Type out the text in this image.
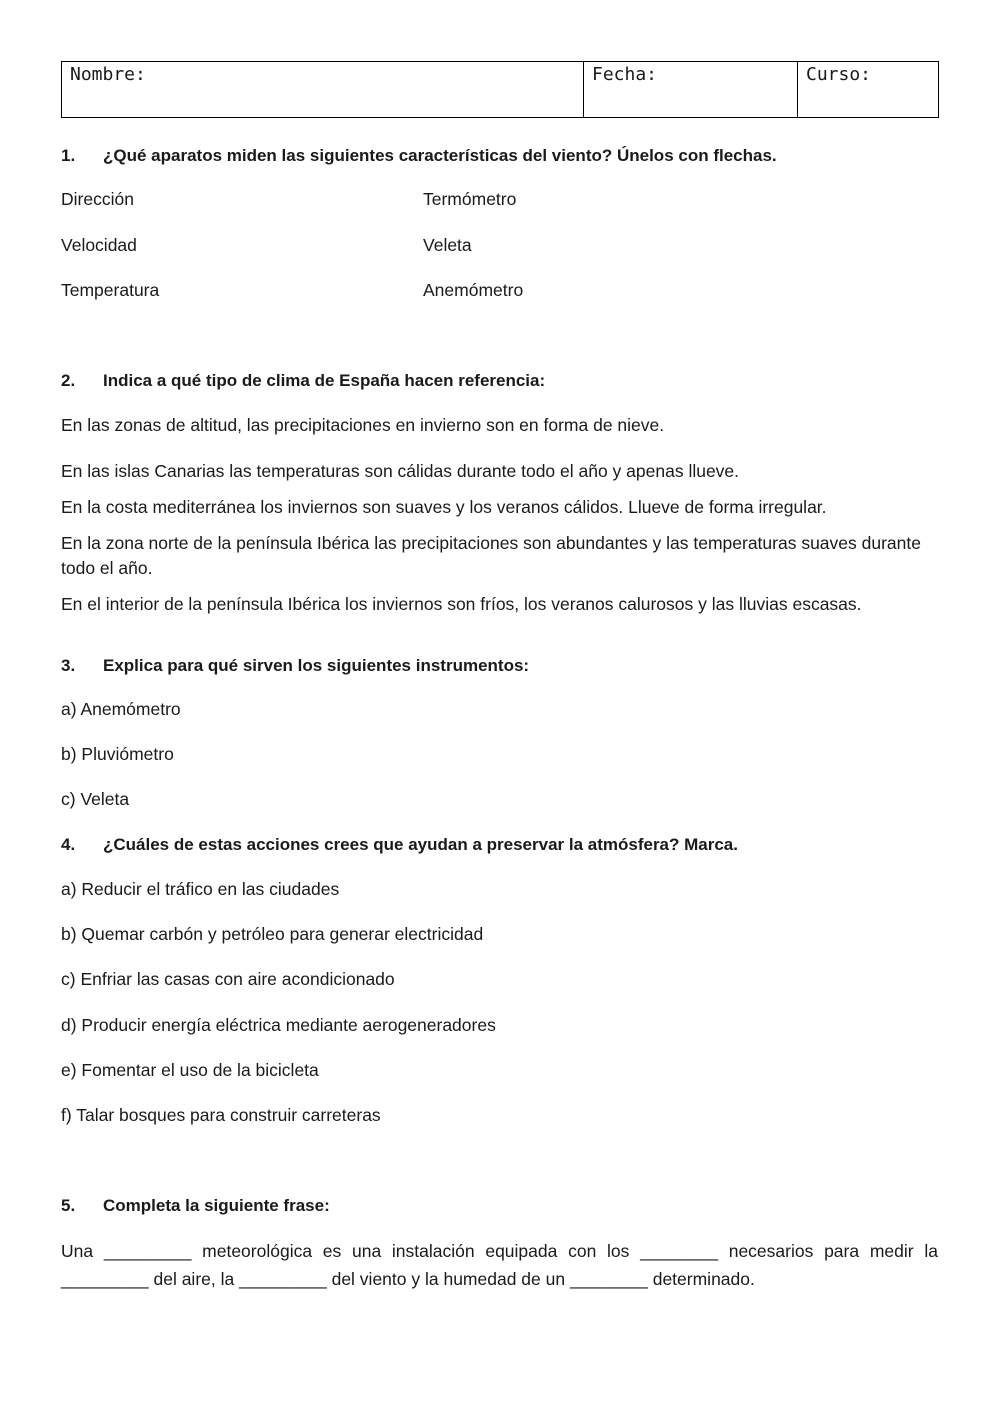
Nombre:	Fecha:	Curso:
1. ¿Qué aparatos miden las siguientes características del viento? Únelos con flechas.
Dirección	Termómetro
Velocidad	Veleta
Temperatura	Anemómetro
2. Indica a qué tipo de clima de España hacen referencia:
En las zonas de altitud, las precipitaciones en invierno son en forma de nieve.
En las islas Canarias las temperaturas son cálidas durante todo el año y apenas llueve.
En la costa mediterránea los inviernos son suaves y los veranos cálidos. Llueve de forma irregular.
En la zona norte de la península Ibérica las precipitaciones son abundantes y las temperaturas suaves durante todo el año.
En el interior de la península Ibérica los inviernos son fríos, los veranos calurosos y las lluvias escasas.
3. Explica para qué sirven los siguientes instrumentos:
a) Anemómetro
b) Pluviómetro
c) Veleta
4. ¿Cuáles de estas acciones crees que ayudan a preservar la atmósfera? Marca.
a) Reducir el tráfico en las ciudades
b) Quemar carbón y petróleo para generar electricidad
c) Enfriar las casas con aire acondicionado
d) Producir energía eléctrica mediante aerogeneradores
e) Fomentar el uso de la bicicleta
f) Talar bosques para construir carreteras
5. Completa la siguiente frase:
Una _________ meteorológica es una instalación equipada con los ________ necesarios para medir la _________ del aire, la _________ del viento y la humedad de un ________ determinado.
